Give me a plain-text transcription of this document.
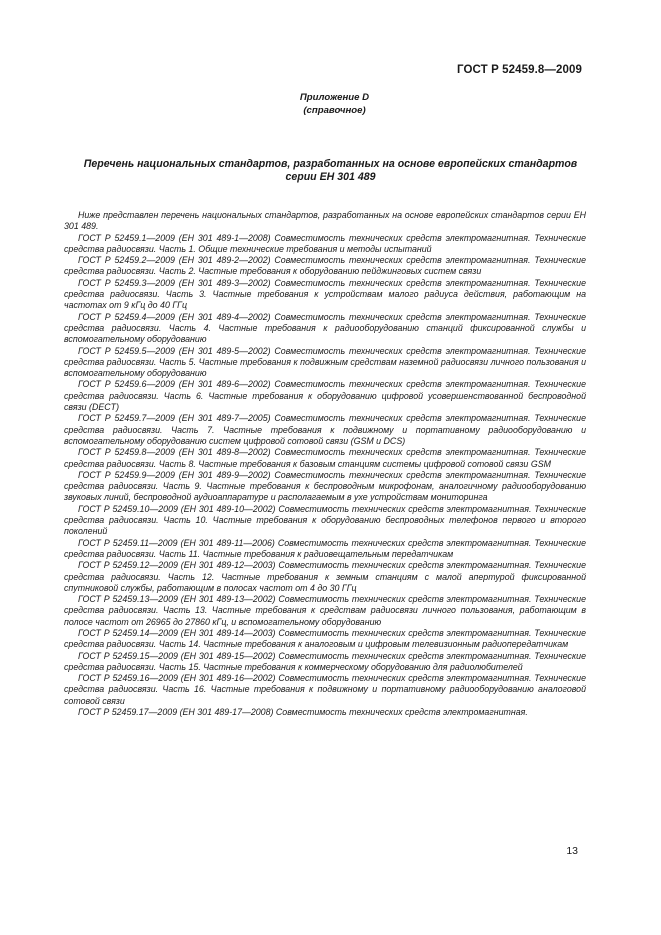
ГОСТ Р 52459.8—2009
Приложение D
(справочное)
Перечень национальных стандартов, разработанных на основе европейских стандартов
серии ЕН 301 489

Ниже представлен перечень национальных стандартов, разработанных на основе европейских стандартов серии ЕН 301 489.

ГОСТ Р 52459.1—2009 (ЕН 301 489-1—2008) Совместимость технических средств электромагнитная. Технические средства радиосвязи. Часть 1. Общие технические требования и методы испытаний

ГОСТ Р 52459.2—2009 (ЕН 301 489-2—2002) Совместимость технических средств электромагнитная. Технические средства радиосвязи. Часть 2. Частные требования к оборудованию пейджинговых систем связи

ГОСТ Р 52459.3—2009 (ЕН 301 489-3—2002) Совместимость технических средств электромагнитная. Технические средства радиосвязи. Часть 3. Частные требования к устройствам малого радиуса действия, работающим на частотах от 9 кГц до 40 ГГц

ГОСТ Р 52459.4—2009 (ЕН 301 489-4—2002) Совместимость технических средств электромагнитная. Технические средства радиосвязи. Часть 4. Частные требования к радиооборудованию станций фиксированной службы и вспомогательному оборудованию

ГОСТ Р 52459.5—2009 (ЕН 301 489-5—2002) Совместимость технических средств электромагнитная. Технические средства радиосвязи. Часть 5. Частные требования к подвижным средствам наземной радиосвязи личного пользования и вспомогательному оборудованию

ГОСТ Р 52459.6—2009 (ЕН 301 489-6—2002) Совместимость технических средств электромагнитная. Технические средства радиосвязи. Часть 6. Частные требования к оборудованию цифровой усовершенствованной беспроводной связи (DECT)

ГОСТ Р 52459.7—2009 (ЕН 301 489-7—2005) Совместимость технических средств электромагнитная. Технические средства радиосвязи. Часть 7. Частные требования к подвижному и портативному радиооборудованию и вспомогательному оборудованию систем цифровой сотовой связи (GSM и DCS)

ГОСТ Р 52459.8—2009 (ЕН 301 489-8—2002) Совместимость технических средств электромагнитная. Технические средства радиосвязи. Часть 8. Частные требования к базовым станциям системы цифровой сотовой связи GSM

ГОСТ Р 52459.9—2009 (ЕН 301 489-9—2002) Совместимость технических средств электромагнитная. Технические средства радиосвязи. Часть 9. Частные требования к беспроводным микрофонам, аналогичному радиооборудованию звуковых линий, беспроводной аудиоаппаратуре и располагаемым в ухе устройствам мониторинга

ГОСТ Р 52459.10—2009 (ЕН 301 489-10—2002) Совместимость технических средств электромагнитная. Технические средства радиосвязи. Часть 10. Частные требования к оборудованию беспроводных телефонов первого и второго поколений

ГОСТ Р 52459.11—2009 (ЕН 301 489-11—2006) Совместимость технических средств электромагнитная. Технические средства радиосвязи. Часть 11. Частные требования к радиовещательным передатчикам

ГОСТ Р 52459.12—2009 (ЕН 301 489-12—2003) Совместимость технических средств электромагнитная. Технические средства радиосвязи. Часть 12. Частные требования к земным станциям с малой апертурой фиксированной спутниковой службы, работающим в полосах частот от 4 до 30 ГГц

ГОСТ Р 52459.13—2009 (ЕН 301 489-13—2002) Совместимость технических средств электромагнитная. Технические средства радиосвязи. Часть 13. Частные требования к средствам радиосвязи личного пользования, работающим в полосе частот от 26965 до 27860 кГц, и вспомогательному оборудованию

ГОСТ Р 52459.14—2009 (ЕН 301 489-14—2003) Совместимость технических средств электромагнитная. Технические средства радиосвязи. Часть 14. Частные требования к аналоговым и цифровым телевизионным радиопередатчикам

ГОСТ Р 52459.15—2009 (ЕН 301 489-15—2002) Совместимость технических средств электромагнитная. Технические средства радиосвязи. Часть 15. Частные требования к коммерческому оборудованию для радиолюбителей

ГОСТ Р 52459.16—2009 (ЕН 301 489-16—2002) Совместимость технических средств электромагнитная. Технические средства радиосвязи. Часть 16. Частные требования к подвижному и портативному радиооборудованию аналоговой сотовой связи

ГОСТ Р 52459.17—2009 (ЕН 301 489-17—2008) Совместимость технических средств электромагнитная.

13
